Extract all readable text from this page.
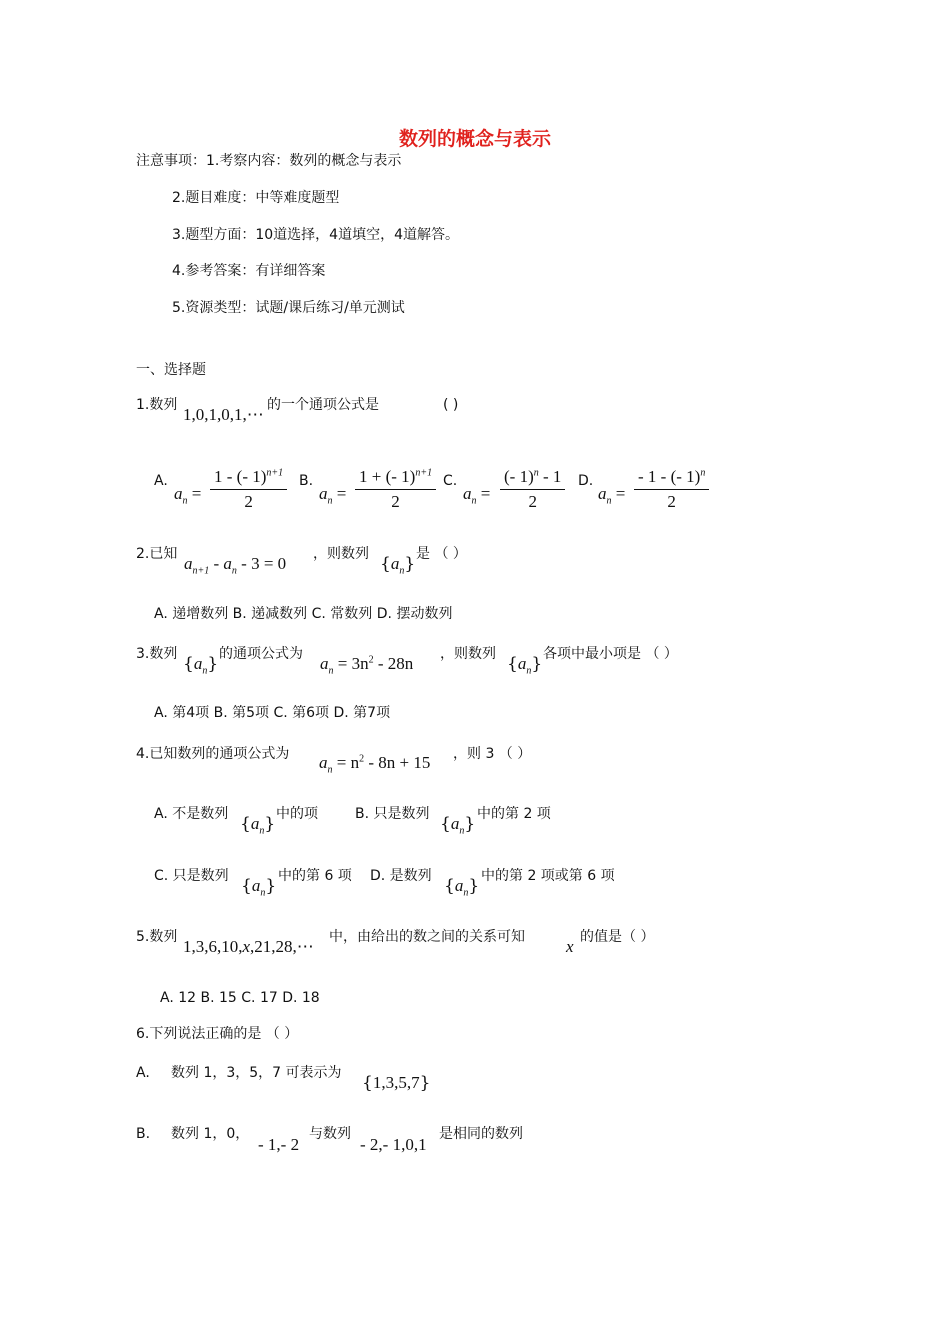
数列的概念与表示
注意事项：1.考察内容：数列的概念与表示
2.题目难度：中等难度题型
3.题型方面：10道选择，4道填空，4道解答。
4.参考答案：有详细答案
5.资源类型：试题/课后练习/单元测试
一、选择题
1.数列 1,0,1,0,1,⋯ 的一个通项公式是	( )
A.
$a_n = \frac{1 - (- 1)^{n+1}}{2} B$.
$a_n = \frac{1 + (- 1)^{n+1}}{2} C$.
$a_n = \frac{(- 1)^n - 1}{2} D$.
$a_n = \frac{- 1 - (- 1)^n}{2}$
2.已知 $a_{n+1} - a_n - 3 = 0$ ，则数列 $\{a_n\}$ 是 （ ）
A. 递增数列 B. 递减数列 C. 常数列 D. 摆动数列
3.数列 $\{a_n\}$ 的通项公式为 $a_n = 3n^2 - 28n$ ，则数列 $\{a_n\}$ 各项中最小项是 （ ）
A. 第4项 B. 第5项 C. 第6项 D. 第7项
4.已知数列的通项公式为 $a_n = n^2 - 8n + 15$ ，则 3 （ ）
A. 不是数列 $\{a_n\}$ 中的项	B. 只是数列 $\{a_n\}$ 中的第 2 项
C. 只是数列 $\{a_n\}$ 中的第 6 项 D. 是数列 $\{a_n\}$ 中的第 2 项或第 6 项
5.数列 1,3,6,10,x,21,28,⋯ 中，由给出的数之间的关系可知 x 的值是（ ）
A. 12 B. 15 C. 17 D. 18
6.下列说法正确的是 （ ）
A. 数列 1，3，5，7 可表示为 {1,3,5,7}
B. 数列 1，0，
- 1,- 2
与数列
- 2,- 1,0,1
是相同的数列
